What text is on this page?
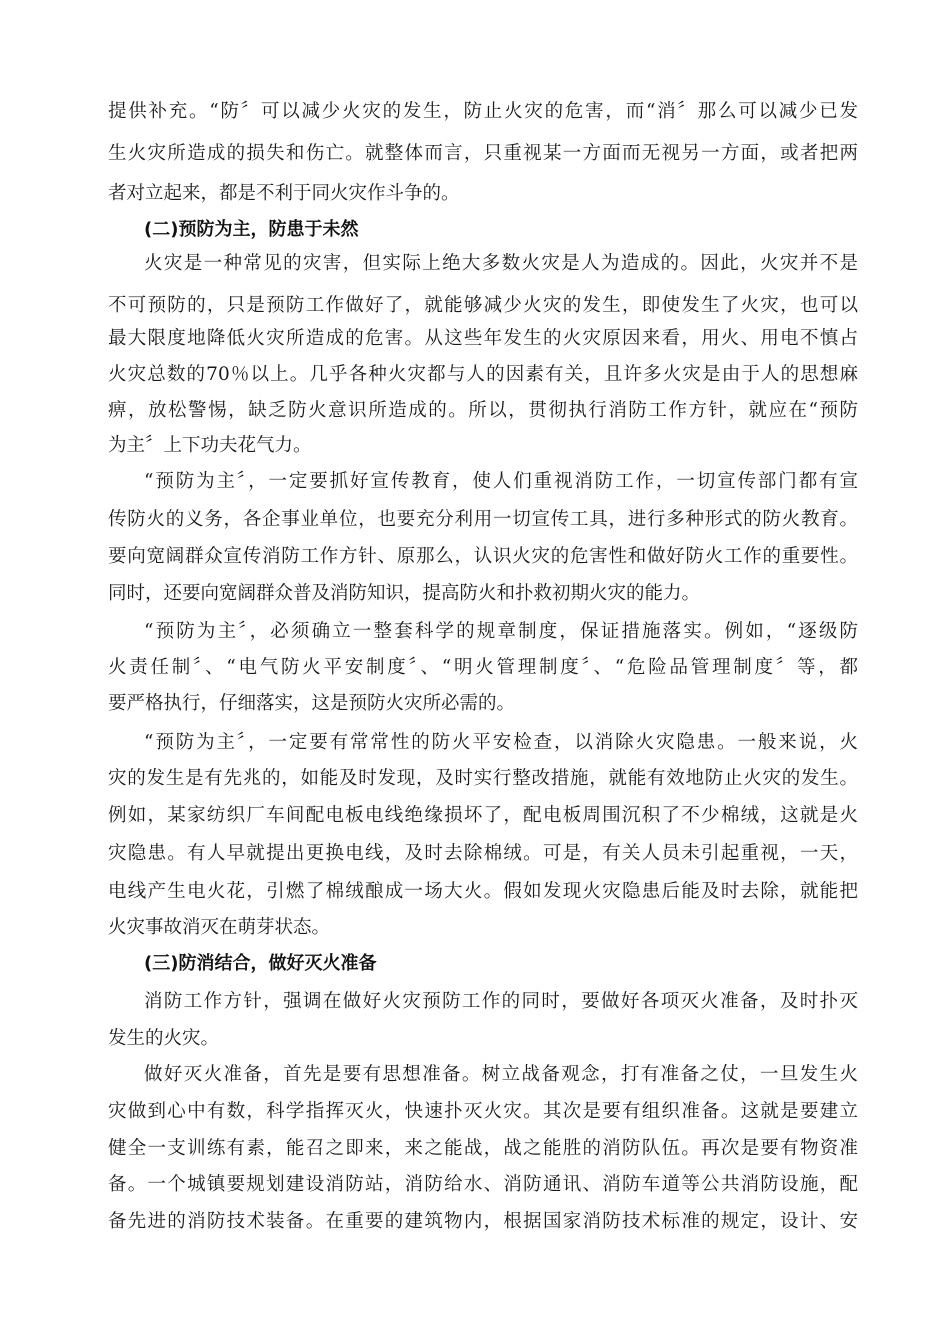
提供补充。“防〞可以减少火灾的发生，防止火灾的危害，而“消〞那么可以减少已发
生火灾所造成的损失和伤亡。就整体而言，只重视某一方面而无视另一方面，或者把两
者对立起来，都是不利于同火灾作斗争的。
(二)预防为主，防患于未然
火灾是一种常见的灾害，但实际上绝大多数火灾是人为造成的。因此，火灾并不是
不可预防的，只是预防工作做好了，就能够减少火灾的发生，即使发生了火灾，也可以
最大限度地降低火灾所造成的危害。从这些年发生的火灾原因来看，用火、用电不慎占
火灾总数的70％以上。几乎各种火灾都与人的因素有关，且许多火灾是由于人的思想麻
痹，放松警惕，缺乏防火意识所造成的。所以，贯彻执行消防工作方针，就应在“预防
为主〞上下功夫花气力。
“预防为主〞，一定要抓好宣传教育，使人们重视消防工作，一切宣传部门都有宣
传防火的义务，各企事业单位，也要充分利用一切宣传工具，进行多种形式的防火教育。
要向宽阔群众宣传消防工作方针、原那么，认识火灾的危害性和做好防火工作的重要性。
同时，还要向宽阔群众普及消防知识，提高防火和扑救初期火灾的能力。
“预防为主〞，必须确立一整套科学的规章制度，保证措施落实。例如，“逐级防
火责任制〞、“电气防火平安制度〞、“明火管理制度〞、“危险品管理制度〞等，都
要严格执行，仔细落实，这是预防火灾所必需的。
“预防为主〞，一定要有常常性的防火平安检查，以消除火灾隐患。一般来说，火
灾的发生是有先兆的，如能及时发现，及时实行整改措施，就能有效地防止火灾的发生。
例如，某家纺织厂车间配电板电线绝缘损坏了，配电板周围沉积了不少棉绒，这就是火
灾隐患。有人早就提出更换电线，及时去除棉绒。可是，有关人员未引起重视，一天，
电线产生电火花，引燃了棉绒酿成一场大火。假如发现火灾隐患后能及时去除，就能把
火灾事故消灭在萌芽状态。
(三)防消结合，做好灭火准备
消防工作方针，强调在做好火灾预防工作的同时，要做好各项灭火准备，及时扑灭
发生的火灾。
做好灭火准备，首先是要有思想准备。树立战备观念，打有准备之仗，一旦发生火
灾做到心中有数，科学指挥灭火，快速扑灭火灾。其次是要有组织准备。这就是要建立
健全一支训练有素，能召之即来，来之能战，战之能胜的消防队伍。再次是要有物资准
备。一个城镇要规划建设消防站，消防给水、消防通讯、消防车道等公共消防设施，配
备先进的消防技术装备。在重要的建筑物内，根据国家消防技术标准的规定，设计、安
